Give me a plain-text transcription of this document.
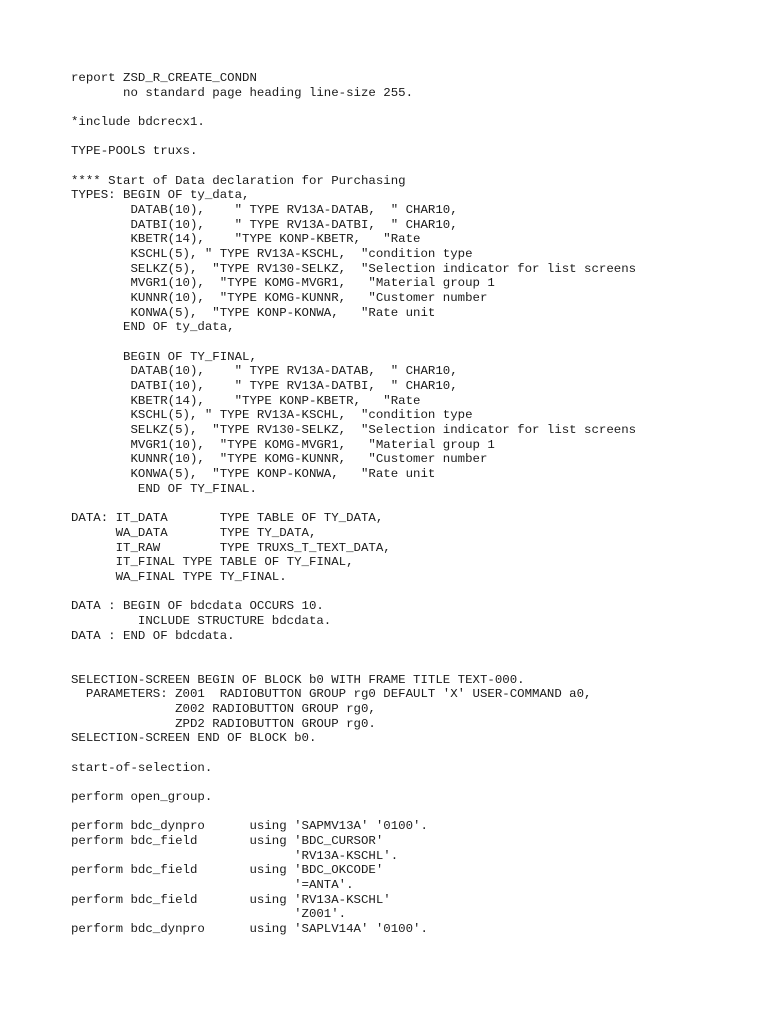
report ZSD_R_CREATE_CONDN
no standard page heading line-size 255.
*include bdcrecx1.
TYPE-POOLS truxs.
**** Start of Data declaration for Purchasing
TYPES: BEGIN OF ty_data,
DATAB(10),    " TYPE RV13A-DATAB,  " CHAR10,
DATBI(10),    " TYPE RV13A-DATBI,  " CHAR10,
KBETR(14),    "TYPE KONP-KBETR,   "Rate
KSCHL(5), " TYPE RV13A-KSCHL,  "condition type
SELKZ(5),  "TYPE RV130-SELKZ,  "Selection indicator for list screens
MVGR1(10),  "TYPE KOMG-MVGR1,   "Material group 1
KUNNR(10),  "TYPE KOMG-KUNNR,   "Customer number
KONWA(5),  "TYPE KONP-KONWA,   "Rate unit
END OF ty_data,
BEGIN OF TY_FINAL,
DATAB(10),    " TYPE RV13A-DATAB,  " CHAR10,
DATBI(10),    " TYPE RV13A-DATBI,  " CHAR10,
KBETR(14),    "TYPE KONP-KBETR,   "Rate
KSCHL(5), " TYPE RV13A-KSCHL,  "condition type
SELKZ(5),  "TYPE RV130-SELKZ,  "Selection indicator for list screens
MVGR1(10),  "TYPE KOMG-MVGR1,   "Material group 1
KUNNR(10),  "TYPE KOMG-KUNNR,   "Customer number
KONWA(5),  "TYPE KONP-KONWA,   "Rate unit
END OF TY_FINAL.
DATA: IT_DATA       TYPE TABLE OF TY_DATA,
WA_DATA       TYPE TY_DATA,
IT_RAW        TYPE TRUXS_T_TEXT_DATA,
IT_FINAL TYPE TABLE OF TY_FINAL,
WA_FINAL TYPE TY_FINAL.
DATA : BEGIN OF bdcdata OCCURS 10.
INCLUDE STRUCTURE bdcdata.
DATA : END OF bdcdata.
SELECTION-SCREEN BEGIN OF BLOCK b0 WITH FRAME TITLE TEXT-000.
PARAMETERS: Z001  RADIOBUTTON GROUP rg0 DEFAULT 'X' USER-COMMAND a0,
Z002 RADIOBUTTON GROUP rg0,
ZPD2 RADIOBUTTON GROUP rg0.
SELECTION-SCREEN END OF BLOCK b0.
start-of-selection.
perform open_group.
perform bdc_dynpro      using 'SAPMV13A' '0100'.
perform bdc_field       using 'BDC_CURSOR'
'RV13A-KSCHL'.
perform bdc_field       using 'BDC_OKCODE'
'=ANTA'.
perform bdc_field       using 'RV13A-KSCHL'
'Z001'.
perform bdc_dynpro      using 'SAPLV14A' '0100'.
